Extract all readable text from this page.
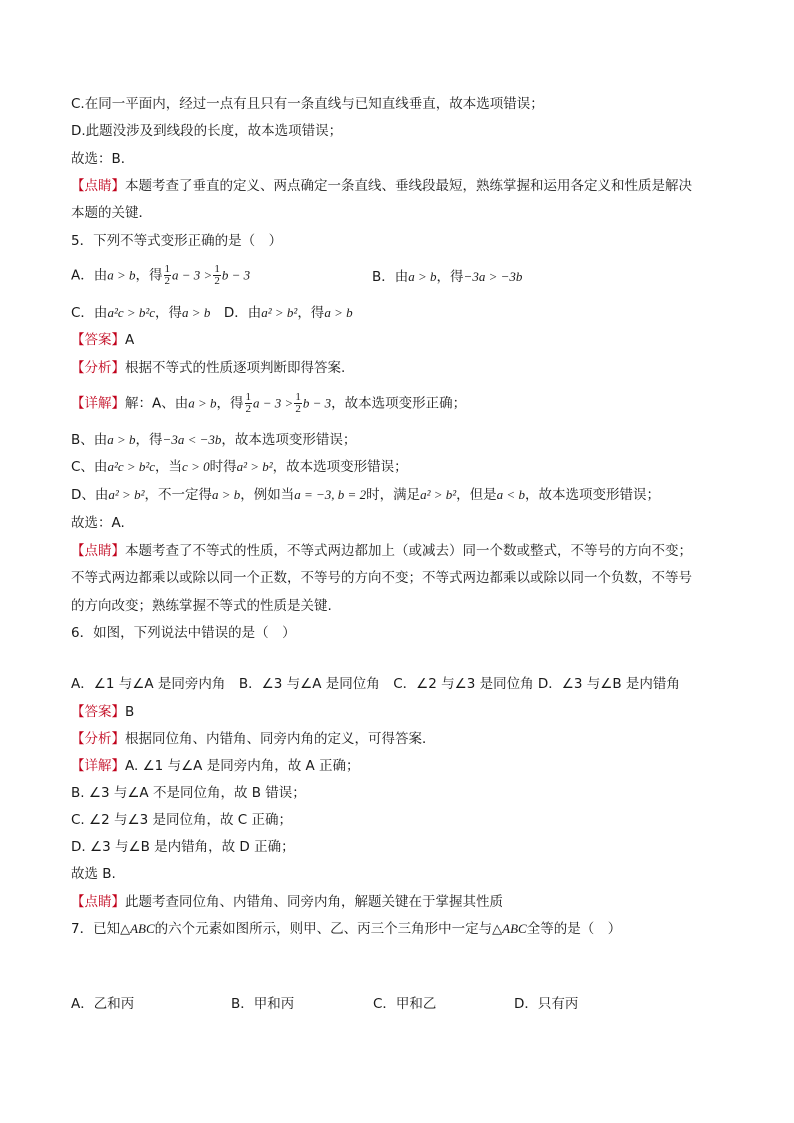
C.在同一平面内，经过一点有且只有一条直线与已知直线垂直，故本选项错误；
D.此题没涉及到线段的长度，故本选项错误；
故选：B．
【点睛】本题考查了垂直的定义、两点确定一条直线、垂线段最短，熟练掌握和运用各定义和性质是解决
本题的关键．
5．下列不等式变形正确的是（　）
A．由a > b，得 $\frac{1}{2}$ $a - 3 > \frac{1}{2}$ b − 3	B．由a > b，得−3a > −3b
C．由a²c > b²c，得a > b　 D．由a² > b²，得a > b
【答案】A
【分析】根据不等式的性质逐项判断即得答案.
【详解】解：A、由a > b，得 $\frac{1}{2}$ $a - 3 > \frac{1}{2}$ b − 3，故本选项变形正确；
B、由a > b，得−3a < −3b，故本选项变形错误；
C、由a²c > b²c，当c > 0时得a² > b²，故本选项变形错误；
D、由a² > b²，不一定得a > b，例如当a = −3, b = 2时，满足a² > b²，但是a < b，故本选项变形错误；
故选：A.
【点睛】本题考查了不等式的性质，不等式两边都加上（或减去）同一个数或整式，不等号的方向不变；
不等式两边都乘以或除以同一个正数，不等号的方向不变；不等式两边都乘以或除以同一个负数，不等号
的方向改变；熟练掌握不等式的性质是关键.
6．如图，下列说法中错误的是（　）
A．∠1 与∠A 是同旁内角　B．∠3 与∠A 是同位角　C．∠2 与∠3 是同位角 D．∠3 与∠B 是内错角
【答案】B
【分析】根据同位角、内错角、同旁内角的定义，可得答案．
【详解】A. ∠1 与∠A 是同旁内角，故 A 正确；
B. ∠3 与∠A 不是同位角，故 B 错误；
C. ∠2 与∠3 是同位角，故 C 正确；
D. ∠3 与∠B 是内错角，故 D 正确；
故选 B.
【点睛】此题考查同位角、内错角、同旁内角，解题关键在于掌握其性质
7．已知△ABC的六个元素如图所示，则甲、乙、丙三个三角形中一定与△ABC全等的是（　）
A．乙和丙	B．甲和丙	C．甲和乙	D．只有丙
